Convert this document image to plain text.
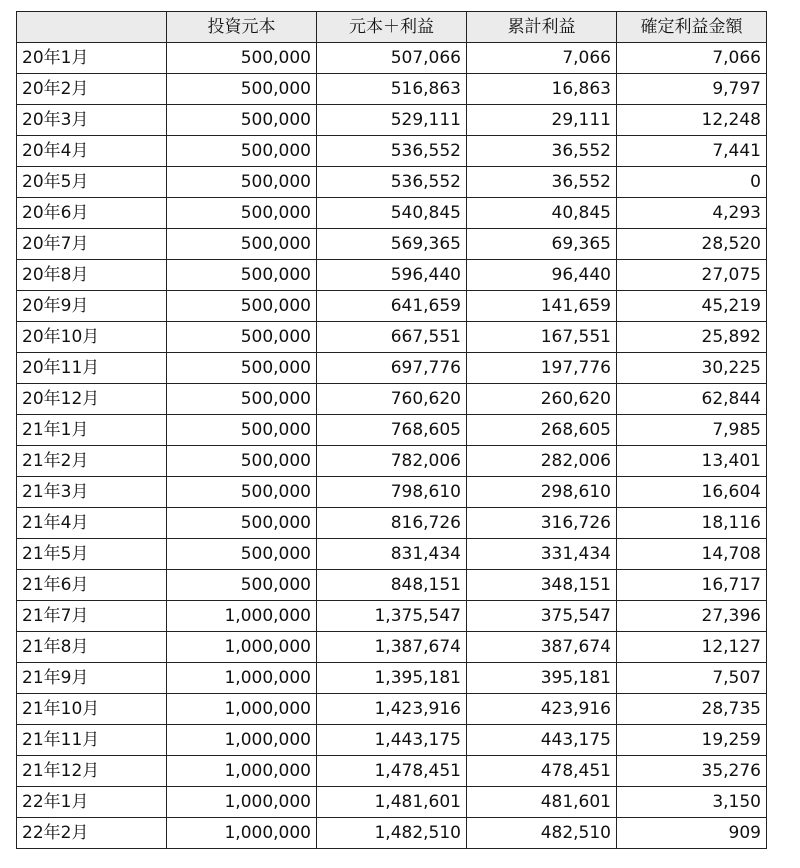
	投資元本	元本＋利益	累計利益	確定利益金額
20年1月	500,000	507,066	7,066	7,066
20年2月	500,000	516,863	16,863	9,797
20年3月	500,000	529,111	29,111	12,248
20年4月	500,000	536,552	36,552	7,441
20年5月	500,000	536,552	36,552	0
20年6月	500,000	540,845	40,845	4,293
20年7月	500,000	569,365	69,365	28,520
20年8月	500,000	596,440	96,440	27,075
20年9月	500,000	641,659	141,659	45,219
20年10月	500,000	667,551	167,551	25,892
20年11月	500,000	697,776	197,776	30,225
20年12月	500,000	760,620	260,620	62,844
21年1月	500,000	768,605	268,605	7,985
21年2月	500,000	782,006	282,006	13,401
21年3月	500,000	798,610	298,610	16,604
21年4月	500,000	816,726	316,726	18,116
21年5月	500,000	831,434	331,434	14,708
21年6月	500,000	848,151	348,151	16,717
21年7月	1,000,000	1,375,547	375,547	27,396
21年8月	1,000,000	1,387,674	387,674	12,127
21年9月	1,000,000	1,395,181	395,181	7,507
21年10月	1,000,000	1,423,916	423,916	28,735
21年11月	1,000,000	1,443,175	443,175	19,259
21年12月	1,000,000	1,478,451	478,451	35,276
22年1月	1,000,000	1,481,601	481,601	3,150
22年2月	1,000,000	1,482,510	482,510	909
